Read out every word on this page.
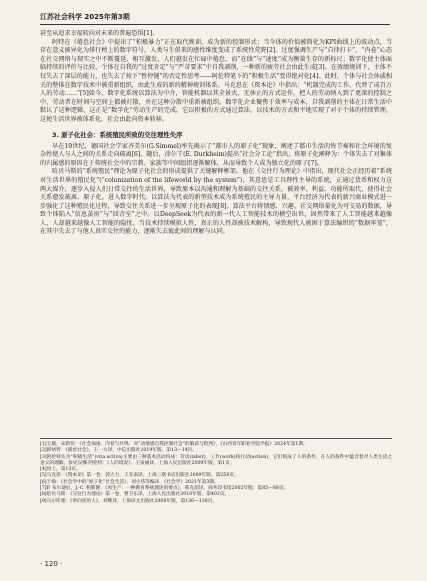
江苏社会科学 2025年第3期

甚至从追求幸福转向对未来的普遍恐惧[1]。

阿特在《倦怠社会》中提出了“积极暴力”正在取代规训，成为新的控制形式；当今体的价值被简化为KPI曲线上的波动点，当存在意义被异化为排行榜上的数字符号，人类与生俱来的感性维度变成了系统性荒野[2]。过度强调生产与“自律打卡”，“内卷”心态在社交网络与现实之中不断蔓延、相互激发，人们越发在忙碌中倦怠，而“在线”与“速度”成为衡量生存的新标尺；数字化使主体面临持续的评价与比较，个体在自我的“过度肯定”与“严苛要求”中自我剥削，一种新的疲劳社会由此生成[3]。在效绩规训下，主体不仅失去了深层的能力，也失去了按下“暂停键”的否定性思考——阿伦特笔下的“积极生活”变得绝对化[4]。此时，个体与社会休戚相关的整体在数字技术中被重新组织，由此生成的新的精神规训体系。马克思在《资本论》中指出：“机器完成的工作，代替了成百万人的劳动……”[5]如今，数字化系统以算法为中介，智能机器以其全景式、无休止的方式运作，把人的劳动纳入到了更深的控制之中，劳动者在时间与空间上都被打散，并在这种分散中重新被组织。数字化企业聚焦于效率与成本，自我剥削的主体在日常生活中默认了这种逻辑，这正是“数字化”劳动生产的完成。它以积极的方式通过算法，以技术的方式和平地实现了对于个体的持续管理，这使生活世界被体系化，社会由此向资本转移。

3. 原子化社会：系统殖民所致的交往理性失序

早在19世纪，德国社会学家齐美尔(G.Simmel)率先揭示了“都市人的原子化”现象，阐述了都市生活的快节奏和社会环境的复杂性使人与人之间的关系走向疏离[6]。随后，涂尔干(É. Durkheim)提出“社会分工论”指出，将原子化阐释为：个体失去了对集体的归属感的原因在于传统社会中的宗教、家族等中间组织逐渐解体，从而导致个人成为独立化的原子[7]。

哈贝马斯的“系统殖民”理论为原子化社会的形成提供了关键解释框架。他在《交往行为理论》中指出，现代社会正经历着“系统对生活世界的殖民化”(“colonization of the lifeworld by the system”)，其意思是工具理性主导的系统，正通过货币和权力这两大媒介，逐步入侵人们日常交往的生活世界，导致原本以沟通和理解为基础的交往关系，被效率、利益、功能所取代，使得社会关系愈发疏离、原子化。进入数字时代，以算法为代表的新型技术成为系统殖民的主导力量，平台经济为代表的新兴商业模式进一步强化了这种殖民化过程，导致交往关系进一步呈现原子化的表现[8]。算法平台将情感、兴趣、社交网络量化为可交易的数据，导致个体陷入“信息茧房”与“回音室”之中。以DeepSeek为代表的新一代人工智能技术的横空出世，固然带来了人工智能越来越像人、人却越来越像人工智能的隐忧。当技术持续模拟人性，真正的人性却被技术解构，导致现代人被困于算法编织的“数据牢笼”，在其中失去了与他人真实交往的能力，逐渐失去彼此间的理解与认同。

[1]王葳，宋新伟：《社会加速、内卷与共鸣：对“动情感自我控制社会”的解读与批判》，《山西青年职业学院学报》2024年第1期。

[2]韩炳哲：《倦怠社会》，王一力译，中信出版社2019年版，第13—14页。

[3]阿伦特认为“积极生活”(vita activa)主要由三种基本活动构成：劳动(labor)、工作(work)和行动(action)，它们构成了人的条件，在人的条件中蕴含着对人类生活之意义的理解。参见汉娜·阿伦特：《人的境况》，王寅丽译，上海人民出版社2009年版，第1页。

[4]同上，第13页。

[5]马克思：《资本论》第一卷，郭大力、王亚南译，上海三联书店出版社2009年版，第258页。

[6]于海：《社会学中的“原子化”社会生活》，刘小伟等编译，《社会学》2021年第3期。

[7]P. 布尔迪厄、J.-C. 帕斯隆：《再生产：一种教育系统理论的要点》，邢克超译，商务印书馆2002年版，第85—88页。

[8]哈贝马斯：《交往行为理论》第一卷，曹卫东译，上海人民出版社2018年版，第402页。

[9]马尔库塞：《单向度的人》，刘继译，上海译文出版社2008年版，第136—138页。

· 120 ·
